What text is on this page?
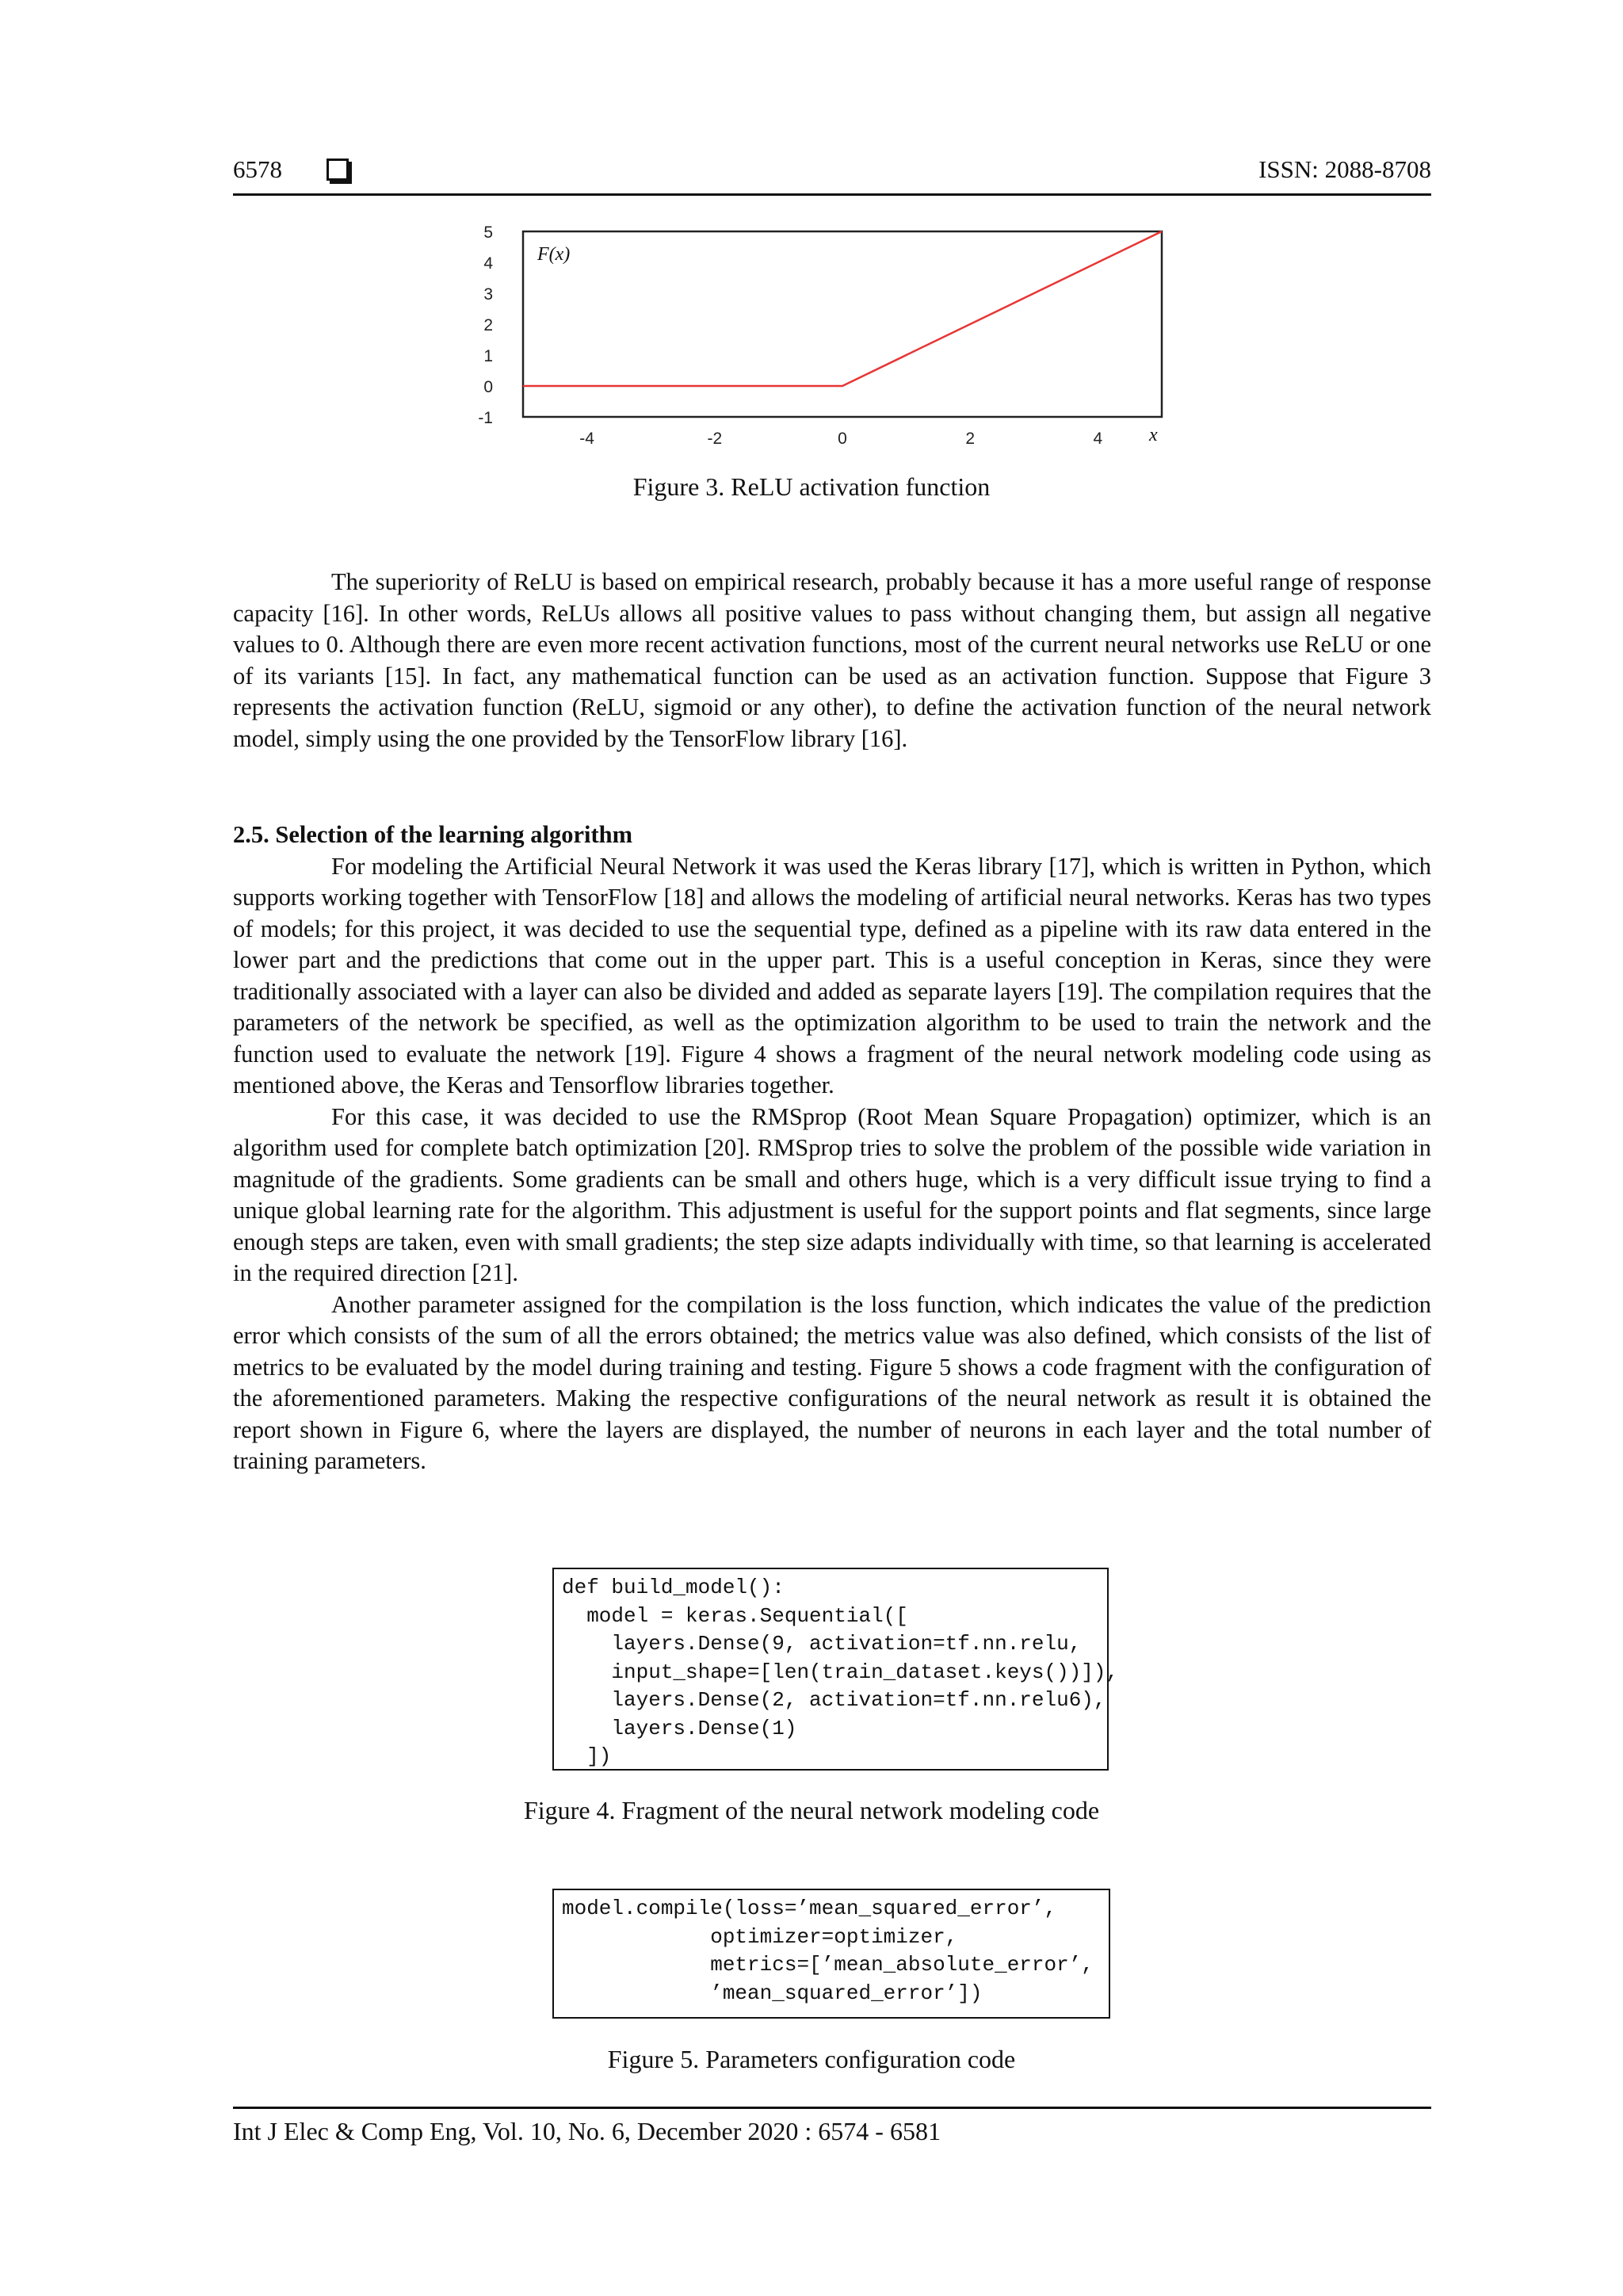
6578	ISSN: 2088-8708
5
4
3
2
1
0
-1
-4	-2	0	2	4
F(x)
x
Figure 3. ReLU activation function

The superiority of ReLU is based on empirical research, probably because it has a more useful range of response capacity [16]. In other words, ReLUs allows all positive values to pass without changing them, but assign all negative values to 0. Although there are even more recent activation functions, most of the current neural networks use ReLU or one of its variants [15]. In fact, any mathematical function can be used as an activation function. Suppose that Figure 3 represents the activation function (ReLU, sigmoid or any other), to define the activation function of the neural network model, simply using the one provided by the TensorFlow library [16].

2.5. Selection of the learning algorithm

For modeling the Artificial Neural Network it was used the Keras library [17], which is written in Python, which supports working together with TensorFlow [18] and allows the modeling of artificial neural networks. Keras has two types of models; for this project, it was decided to use the sequential type, defined as a pipeline with its raw data entered in the lower part and the predictions that come out in the upper part. This is a useful conception in Keras, since they were traditionally associated with a layer can also be divided and added as separate layers [19]. The compilation requires that the parameters of the network be specified, as well as the optimization algorithm to be used to train the network and the function used to evaluate the network [19]. Figure 4 shows a fragment of the neural network modeling code using as mentioned above, the Keras and Tensorflow libraries together.

For this case, it was decided to use the RMSprop (Root Mean Square Propagation) optimizer, which is an algorithm used for complete batch optimization [20]. RMSprop tries to solve the problem of the possible wide variation in magnitude of the gradients. Some gradients can be small and others huge, which is a very difficult issue trying to find a unique global learning rate for the algorithm. This adjustment is useful for the support points and flat segments, since large enough steps are taken, even with small gradients; the step size adapts individually with time, so that learning is accelerated in the required direction [21].

Another parameter assigned for the compilation is the loss function, which indicates the value of the prediction error which consists of the sum of all the errors obtained; the metrics value was also defined, which consists of the list of metrics to be evaluated by the model during training and testing. Figure 5 shows a code fragment with the configuration of the aforementioned parameters. Making the respective configurations of the neural network as result it is obtained the report shown in Figure 6, where the layers are displayed, the number of neurons in each layer and the total number of training parameters.

def build_model():
model = keras.Sequential([
layers.Dense(9, activation=tf.nn.relu,
input_shape=[len(train_dataset.keys())]),
layers.Dense(2, activation=tf.nn.relu6),
layers.Dense(1)
])
Figure 4. Fragment of the neural network modeling code
model.compile(loss=’mean_squared_error’,
optimizer=optimizer,
metrics=[’mean_absolute_error’,
’mean_squared_error’])
Figure 5. Parameters configuration code
Int J Elec & Comp Eng, Vol. 10, No. 6, December 2020 : 6574 - 6581
